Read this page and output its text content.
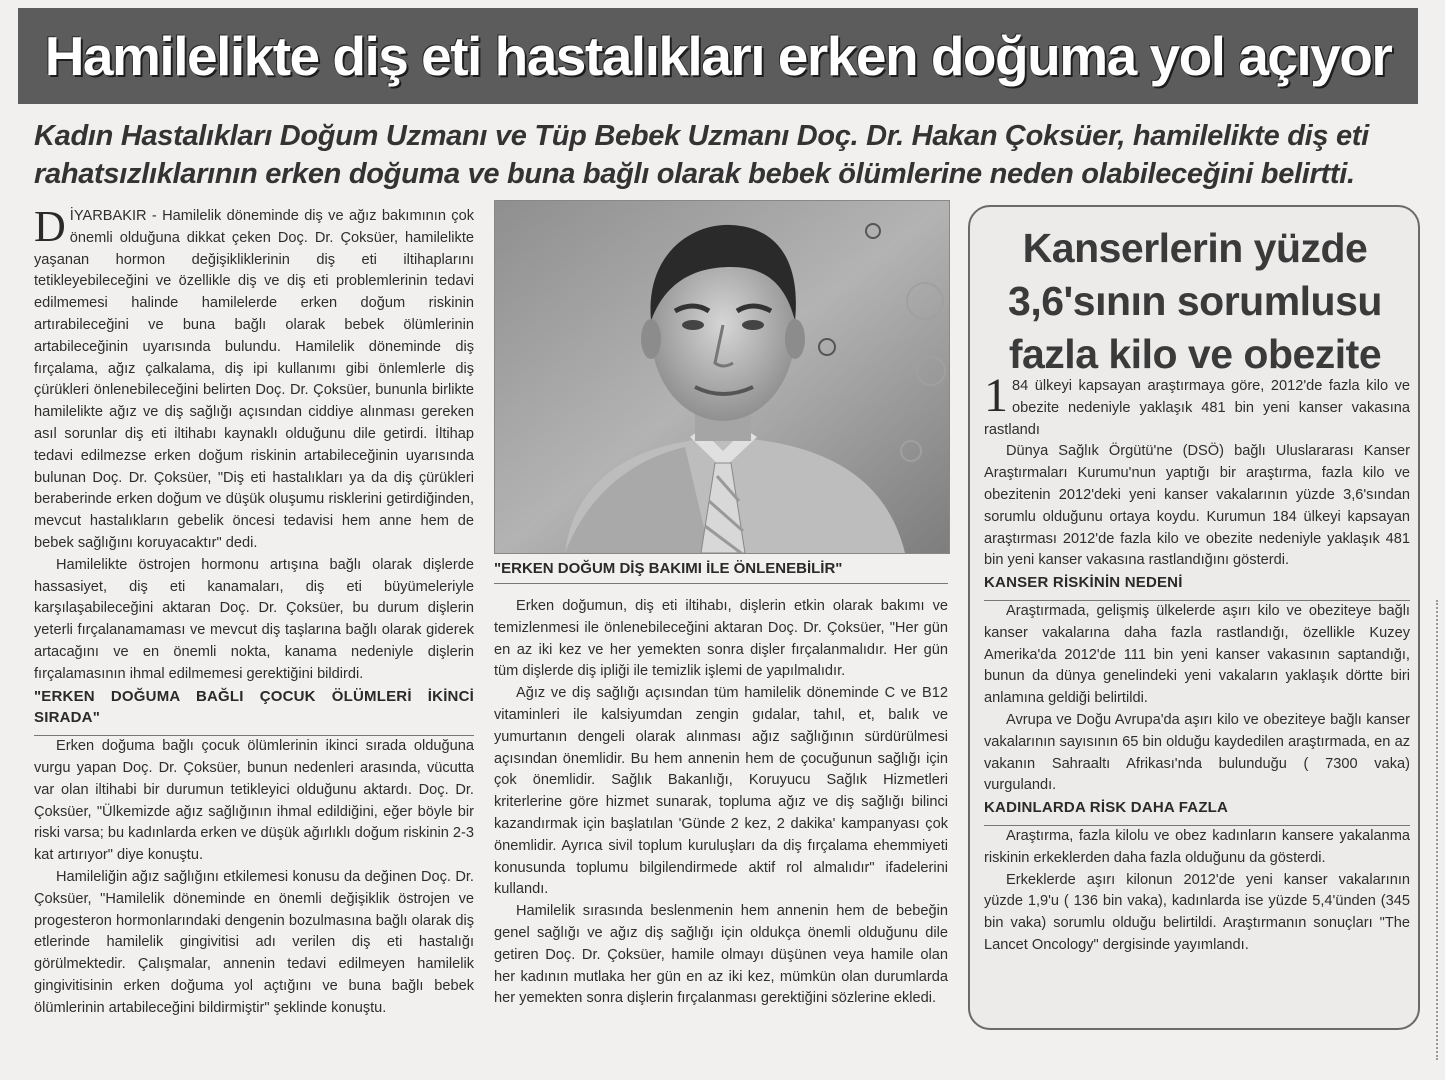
Hamilelikte diş eti hastalıkları erken doğuma yol açıyor
Kadın Hastalıkları Doğum Uzmanı ve Tüp Bebek Uzmanı Doç. Dr. Hakan Çoksüer, hamilelikte diş eti rahatsızlıklarının erken doğuma ve buna bağlı olarak bebek ölümlerine neden olabileceğini belirtti.

DİYARBAKIR - Hamilelik döneminde diş ve ağız bakımının çok önemli olduğuna dikkat çeken Doç. Dr. Çoksüer, hamilelikte yaşanan hormon değişikliklerinin diş eti iltihaplarını tetikleyebileceğini ve özellikle diş ve diş eti problemlerinin tedavi edilmemesi halinde hamilelerde erken doğum riskinin artırabileceğini ve buna bağlı olarak bebek ölümlerinin artabileceğinin uyarısında bulundu. Hamilelik döneminde diş fırçalama, ağız çalkalama, diş ipi kullanımı gibi önlemlerle diş çürükleri önlenebileceğini belirten Doç. Dr. Çoksüer, bununla birlikte hamilelikte ağız ve diş sağlığı açısından ciddiye alınması gereken asıl sorunlar diş eti iltihabı kaynaklı olduğunu dile getirdi. İltihap tedavi edilmezse erken doğum riskinin artabileceğinin uyarısında bulunan Doç. Dr. Çoksüer, "Diş eti hastalıkları ya da diş çürükleri beraberinde erken doğum ve düşük oluşumu risklerini getirdiğinden, mevcut hastalıkların gebelik öncesi tedavisi hem anne hem de bebek sağlığını koruyacaktır" dedi.

Hamilelikte östrojen hormonu artışına bağlı olarak dişlerde hassasiyet, diş eti kanamaları, diş eti büyümeleriyle karşılaşabileceğini aktaran Doç. Dr. Çoksüer, bu durum dişlerin yeterli fırçalanamaması ve mevcut diş taşlarına bağlı olarak giderek artacağını ve en önemli nokta, kanama nedeniyle dişlerin fırçalamasının ihmal edilmemesi gerektiğini bildirdi.

"ERKEN DOĞUMA BAĞLI ÇOCUK ÖLÜMLERİ İKİNCİ SIRADA"

Erken doğuma bağlı çocuk ölümlerinin ikinci sırada olduğuna vurgu yapan Doç. Dr. Çoksüer, bunun nedenleri arasında, vücutta var olan iltihabi bir durumun tetikleyici olduğunu aktardı. Doç. Dr. Çoksüer, "Ülkemizde ağız sağlığının ihmal edildiğini, eğer böyle bir riski varsa; bu kadınlarda erken ve düşük ağırlıklı doğum riskinin 2-3 kat artırıyor" diye konuştu.

Hamileliğin ağız sağlığını etkilemesi konusu da değinen Doç. Dr. Çoksüer, "Hamilelik döneminde en önemli değişiklik östrojen ve progesteron hormonlarındaki dengenin bozulmasına bağlı olarak diş etlerinde hamilelik gingivitisi adı verilen diş eti hastalığı görülmektedir. Çalışmalar, annenin tedavi edilmeyen hamilelik gingivitisinin erken doğuma yol açtığını ve buna bağlı bebek ölümlerinin artabileceğini bildirmiştir" şeklinde konuştu.

"ERKEN DOĞUM DİŞ BAKIMI İLE ÖNLENEBİLİR"

Erken doğumun, diş eti iltihabı, dişlerin etkin olarak bakımı ve temizlenmesi ile önlenebileceğini aktaran Doç. Dr. Çoksüer, "Her gün en az iki kez ve her yemekten sonra dişler fırçalanmalıdır. Her gün tüm dişlerde diş ipliği ile temizlik işlemi de yapılmalıdır.

Ağız ve diş sağlığı açısından tüm hamilelik döneminde C ve B12 vitaminleri ile kalsiyumdan zengin gıdalar, tahıl, et, balık ve yumurtanın dengeli olarak alınması ağız sağlığının sürdürülmesi açısından önemlidir. Bu hem annenin hem de çocuğunun sağlığı için çok önemlidir. Sağlık Bakanlığı, Koruyucu Sağlık Hizmetleri kriterlerine göre hizmet sunarak, topluma ağız ve diş sağlığı bilinci kazandırmak için başlatılan 'Günde 2 kez, 2 dakika' kampanyası çok önemlidir. Ayrıca sivil toplum kuruluşları da diş fırçalama ehemmiyeti konusunda toplumu bilgilendirmede aktif rol almalıdır" ifadelerini kullandı.

Hamilelik sırasında beslenmenin hem annenin hem de bebeğin genel sağlığı ve ağız diş sağlığı için oldukça önemli olduğunu dile getiren Doç. Dr. Çoksüer, hamile olmayı düşünen veya hamile olan her kadının mutlaka her gün en az iki kez, mümkün olan durumlarda her yemekten sonra dişlerin fırçalanması gerektiğini sözlerine ekledi.

Kanserlerin yüzde 3,6'sının sorumlusu fazla kilo ve obezite

1 84 ülkeyi kapsayan araştırmaya göre, 2012'de fazla kilo ve obezite nedeniyle yaklaşık 481 bin yeni kanser vakasına rastlandı

Dünya Sağlık Örgütü'ne (DSÖ) bağlı Uluslararası Kanser Araştırmaları Kurumu'nun yaptığı bir araştırma, fazla kilo ve obezitenin 2012'deki yeni kanser vakalarının yüzde 3,6'sından sorumlu olduğunu ortaya koydu. Kurumun 184 ülkeyi kapsayan araştırması 2012'de fazla kilo ve obezite nedeniyle yaklaşık 481 bin yeni kanser vakasına rastlandığını gösterdi.

KANSER RİSKİNİN NEDENİ

Araştırmada, gelişmiş ülkelerde aşırı kilo ve obeziteye bağlı kanser vakalarına daha fazla rastlandığı, özellikle Kuzey Amerika'da 2012'de 111 bin yeni kanser vakasının saptandığı, bunun da dünya genelindeki yeni vakaların yaklaşık dörtte biri anlamına geldiği belirtildi.

Avrupa ve Doğu Avrupa'da aşırı kilo ve obeziteye bağlı kanser vakalarının sayısının 65 bin olduğu kaydedilen araştırmada, en az vakanın Sahraaltı Afrikası'nda bulunduğu ( 7300 vaka) vurgulandı.

KADINLARDA RİSK DAHA FAZLA

Araştırma, fazla kilolu ve obez kadınların kansere yakalanma riskinin erkeklerden daha fazla olduğunu da gösterdi.

Erkeklerde aşırı kilonun 2012'de yeni kanser vakalarının yüzde 1,9'u ( 136 bin vaka), kadınlarda ise yüzde 5,4'ünden (345 bin vaka) sorumlu olduğu belirtildi. Araştırmanın sonuçları "The Lancet Oncology" dergisinde yayımlandı.
